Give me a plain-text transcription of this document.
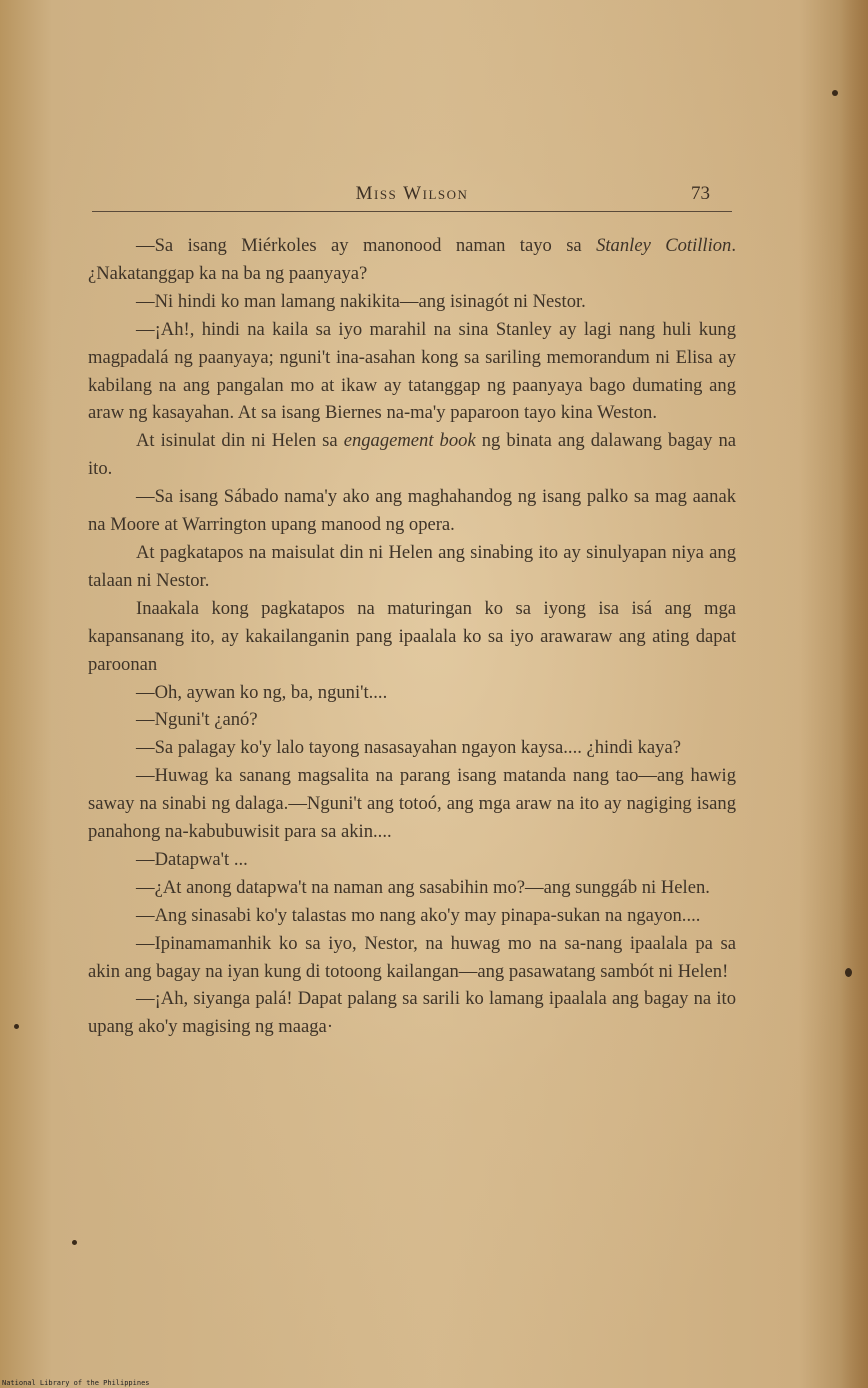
Miss Wilson	73

—Sa isang Miérkoles ay manonood naman tayo sa Stanley Cotillion. ¿Nakatanggap ka na ba ng paanyaya?

—Ni hindi ko man lamang nakikita—ang isinagót ni Nestor.

—¡Ah!, hindi na kaila sa iyo marahil na sina Stanley ay lagi nang huli kung magpadalá ng paanyaya; nguni't ina-asahan kong sa sariling memorandum ni Elisa ay kabilang na ang pangalan mo at ikaw ay tatanggap ng paanyaya bago dumating ang araw ng kasayahan. At sa isang Biernes na-ma'y paparoon tayo kina Weston.

At isinulat din ni Helen sa engagement book ng binata ang dalawang bagay na ito.

—Sa isang Sábado nama'y ako ang maghahandog ng isang palko sa mag aanak na Moore at Warrington upang manood ng opera.

At pagkatapos na maisulat din ni Helen ang sinabing ito ay sinulyapan niya ang talaan ni Nestor.

Inaakala kong pagkatapos na maturingan ko sa iyong isa isá ang mga kapansanang ito, ay kakailanganin pang ipaalala ko sa iyo arawaraw ang ating dapat paroonan

—Oh, aywan ko ng, ba, nguni't....

—Nguni't ¿anó?

—Sa palagay ko'y lalo tayong nasasayahan ngayon kaysa.... ¿hindi kaya?

—Huwag ka sanang magsalita na parang isang matanda nang tao—ang hawig saway na sinabi ng dalaga.—Nguni't ang totoó, ang mga araw na ito ay nagiging isang panahong na-kabubuwisit para sa akin....

—Datapwa't ...

—¿At anong datapwa't na naman ang sasabihin mo?—ang sunggáb ni Helen.

—Ang sinasabi ko'y talastas mo nang ako'y may pinapa-sukan na ngayon....

—Ipinamamanhik ko sa iyo, Nestor, na huwag mo na sa-nang ipaalala pa sa akin ang bagay na iyan kung di totoong kailangan—ang pasawatang sambót ni Helen!

—¡Ah, siyanga palá! Dapat palang sa sarili ko lamang ipaalala ang bagay na ito upang ako'y magising ng maaga·

National Library of the Philippines
